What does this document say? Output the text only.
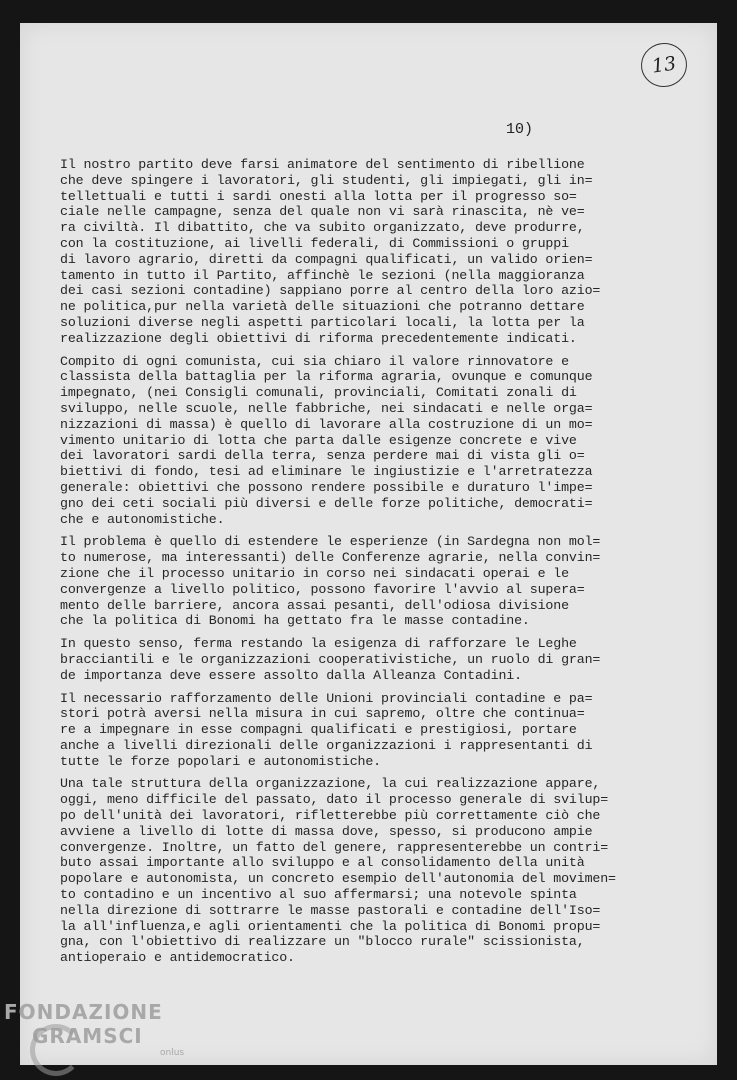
13
10)
Il nostro partito deve farsi animatore del sentimento di ribellione
che deve spingere i lavoratori, gli studenti, gli impiegati, gli in=
tellettuali e tutti i sardi onesti alla lotta per il progresso so=
ciale nelle campagne, senza del quale non vi sarà rinascita, nè ve=
ra civiltà. Il dibattito, che va subito organizzato, deve produrre,
con la costituzione, ai livelli federali, di Commissioni o gruppi
di lavoro agrario, diretti da compagni qualificati, un valido orien=
tamento in tutto il Partito, affinchè le sezioni (nella maggioranza
dei casi sezioni contadine) sappiano porre al centro della loro azio=
ne politica,pur nella varietà delle situazioni che potranno dettare
soluzioni diverse negli aspetti particolari locali, la lotta per la
realizzazione degli obiettivi di riforma precedentemente indicati.
Compito di ogni comunista, cui sia chiaro il valore rinnovatore e
classista della battaglia per la riforma agraria, ovunque e comunque
impegnato, (nei Consigli comunali, provinciali, Comitati zonali di
sviluppo, nelle scuole, nelle fabbriche, nei sindacati e nelle orga=
nizzazioni di massa) è quello di lavorare alla costruzione di un mo=
vimento unitario di lotta che parta dalle esigenze concrete e vive
dei lavoratori sardi della terra, senza perdere mai di vista gli o=
biettivi di fondo, tesi ad eliminare le ingiustizie e l'arretratezza
generale: obiettivi che possono rendere possibile e duraturo l'impe=
gno dei ceti sociali più diversi e delle forze politiche, democrati=
che e autonomistiche.
Il problema è quello di estendere le esperienze (in Sardegna non mol=
to numerose, ma interessanti) delle Conferenze agrarie, nella convin=
zione che il processo unitario in corso nei sindacati operai e le
convergenze a livello politico, possono favorire l'avvio al supera=
mento delle barriere, ancora assai pesanti, dell'odiosa divisione
che la politica di Bonomi ha gettato fra le masse contadine.
In questo senso, ferma restando la esigenza di rafforzare le Leghe
bracciantili e le organizzazioni cooperativistiche, un ruolo di gran=
de importanza deve essere assolto dalla Alleanza Contadini.
Il necessario rafforzamento delle Unioni provinciali contadine e pa=
stori potrà aversi nella misura in cui sapremo, oltre che continua=
re a impegnare in esse compagni qualificati e prestigiosi, portare
anche a livelli direzionali delle organizzazioni i rappresentanti di
tutte le forze popolari e autonomistiche.
Una tale struttura della organizzazione, la cui realizzazione appare,
oggi, meno difficile del passato, dato il processo generale di svilup=
po dell'unità dei lavoratori, rifletterebbe più correttamente ciò che
avviene a livello di lotte di massa dove, spesso, si producono ampie
convergenze. Inoltre, un fatto del genere, rappresenterebbe un contri=
buto assai importante allo sviluppo e al consolidamento della unità
popolare e autonomista, un concreto esempio dell'autonomia del movimen=
to contadino e un incentivo al suo affermarsi; una notevole spinta
nella direzione di sottrarre le masse pastorali e contadine dell'Iso=
la all'influenza,e agli orientamenti che la politica di Bonomi propu=
gna, con l'obiettivo di realizzare un "blocco rurale" scissionista,
antioperaio e antidemocratico.
FONDAZIONE
GRAMSCI
onlus
